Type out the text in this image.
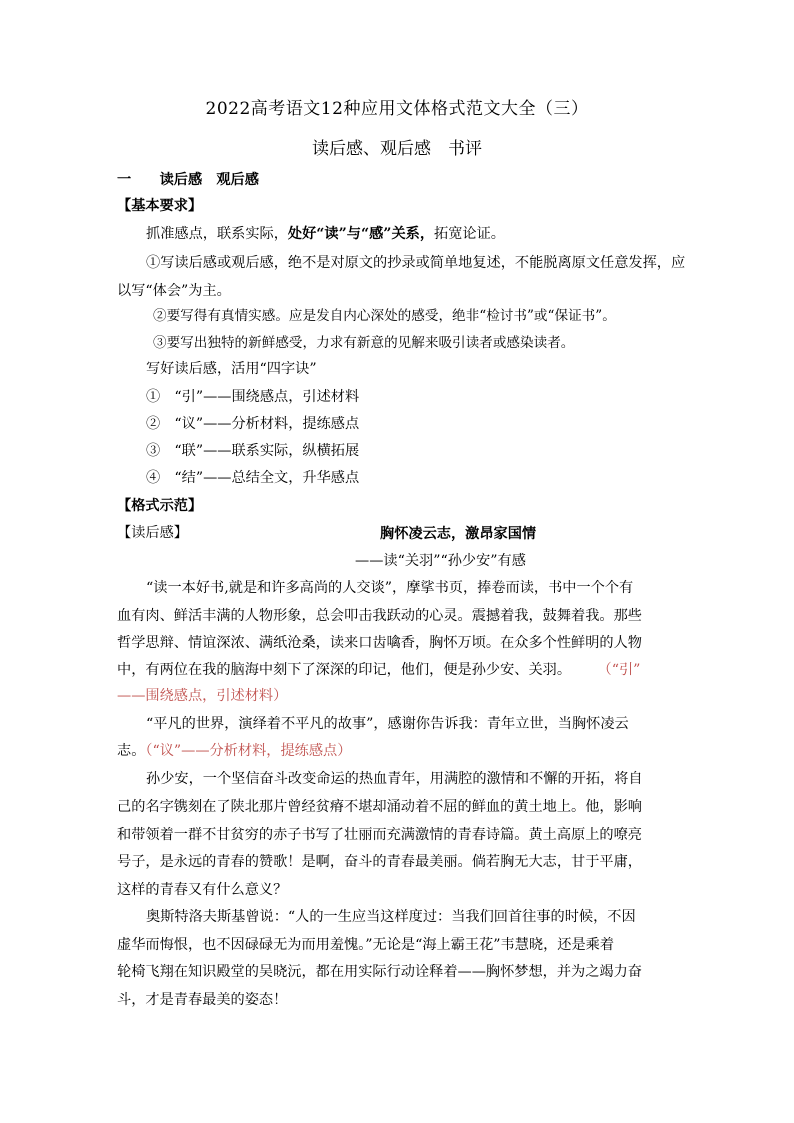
2022高考语文12种应用文体格式范文大全（三）
读后感、观后感　书评
一　　读后感　观后感
【基本要求】
抓准感点，联系实际，处好“读”与“感”关系，拓宽论证。
①写读后感或观后感，绝不是对原文的抄录或简单地复述，不能脱离原文任意发挥，应
以写“体会”为主。
②要写得有真情实感。应是发自内心深处的感受，绝非“检讨书”或“保证书”。
③要写出独特的新鲜感受，力求有新意的见解来吸引读者或感染读者。
写好读后感，活用“四字诀”
①　“引”——围绕感点，引述材料
②　“议”——分析材料，提练感点
③　“联”——联系实际，纵横拓展
④　“结”——总结全文，升华感点
【格式示范】
【读后感】	胸怀凌云志，激昂家国情
——读“关羽”“孙少安”有感
“读一本好书,就是和许多高尚的人交谈”，摩挲书页，捧卷而读，书中一个个有
血有肉、鲜活丰满的人物形象，总会叩击我跃动的心灵。震撼着我，鼓舞着我。那些
哲学思辩、情谊深浓、满纸沧桑，读来口齿噙香，胸怀万顷。在众多个性鲜明的人物
中，有两位在我的脑海中刻下了深深的印记，他们，便是孙少安、关羽。 （“引”
——围绕感点，引述材料）
“平凡的世界，演绎着不平凡的故事”，感谢你告诉我：青年立世，当胸怀凌云
志。（“议”——分析材料，提练感点）
孙少安，一个坚信奋斗改变命运的热血青年，用满腔的激情和不懈的开拓，将自
己的名字镌刻在了陕北那片曾经贫瘠不堪却涌动着不屈的鲜血的黄土地上。他，影响
和带领着一群不甘贫穷的赤子书写了壮丽而充满激情的青春诗篇。黄土高原上的嘹亮
号子，是永远的青春的赞歌！是啊，奋斗的青春最美丽。倘若胸无大志，甘于平庸，
这样的青春又有什么意义？
奥斯特洛夫斯基曾说：“人的一生应当这样度过：当我们回首往事的时候，不因
虚华而悔恨，也不因碌碌无为而用羞愧。”无论是“海上霸王花”韦慧晓，还是乘着
轮椅飞翔在知识殿堂的吴晓沅，都在用实际行动诠释着——胸怀梦想，并为之竭力奋
斗，才是青春最美的姿态！
